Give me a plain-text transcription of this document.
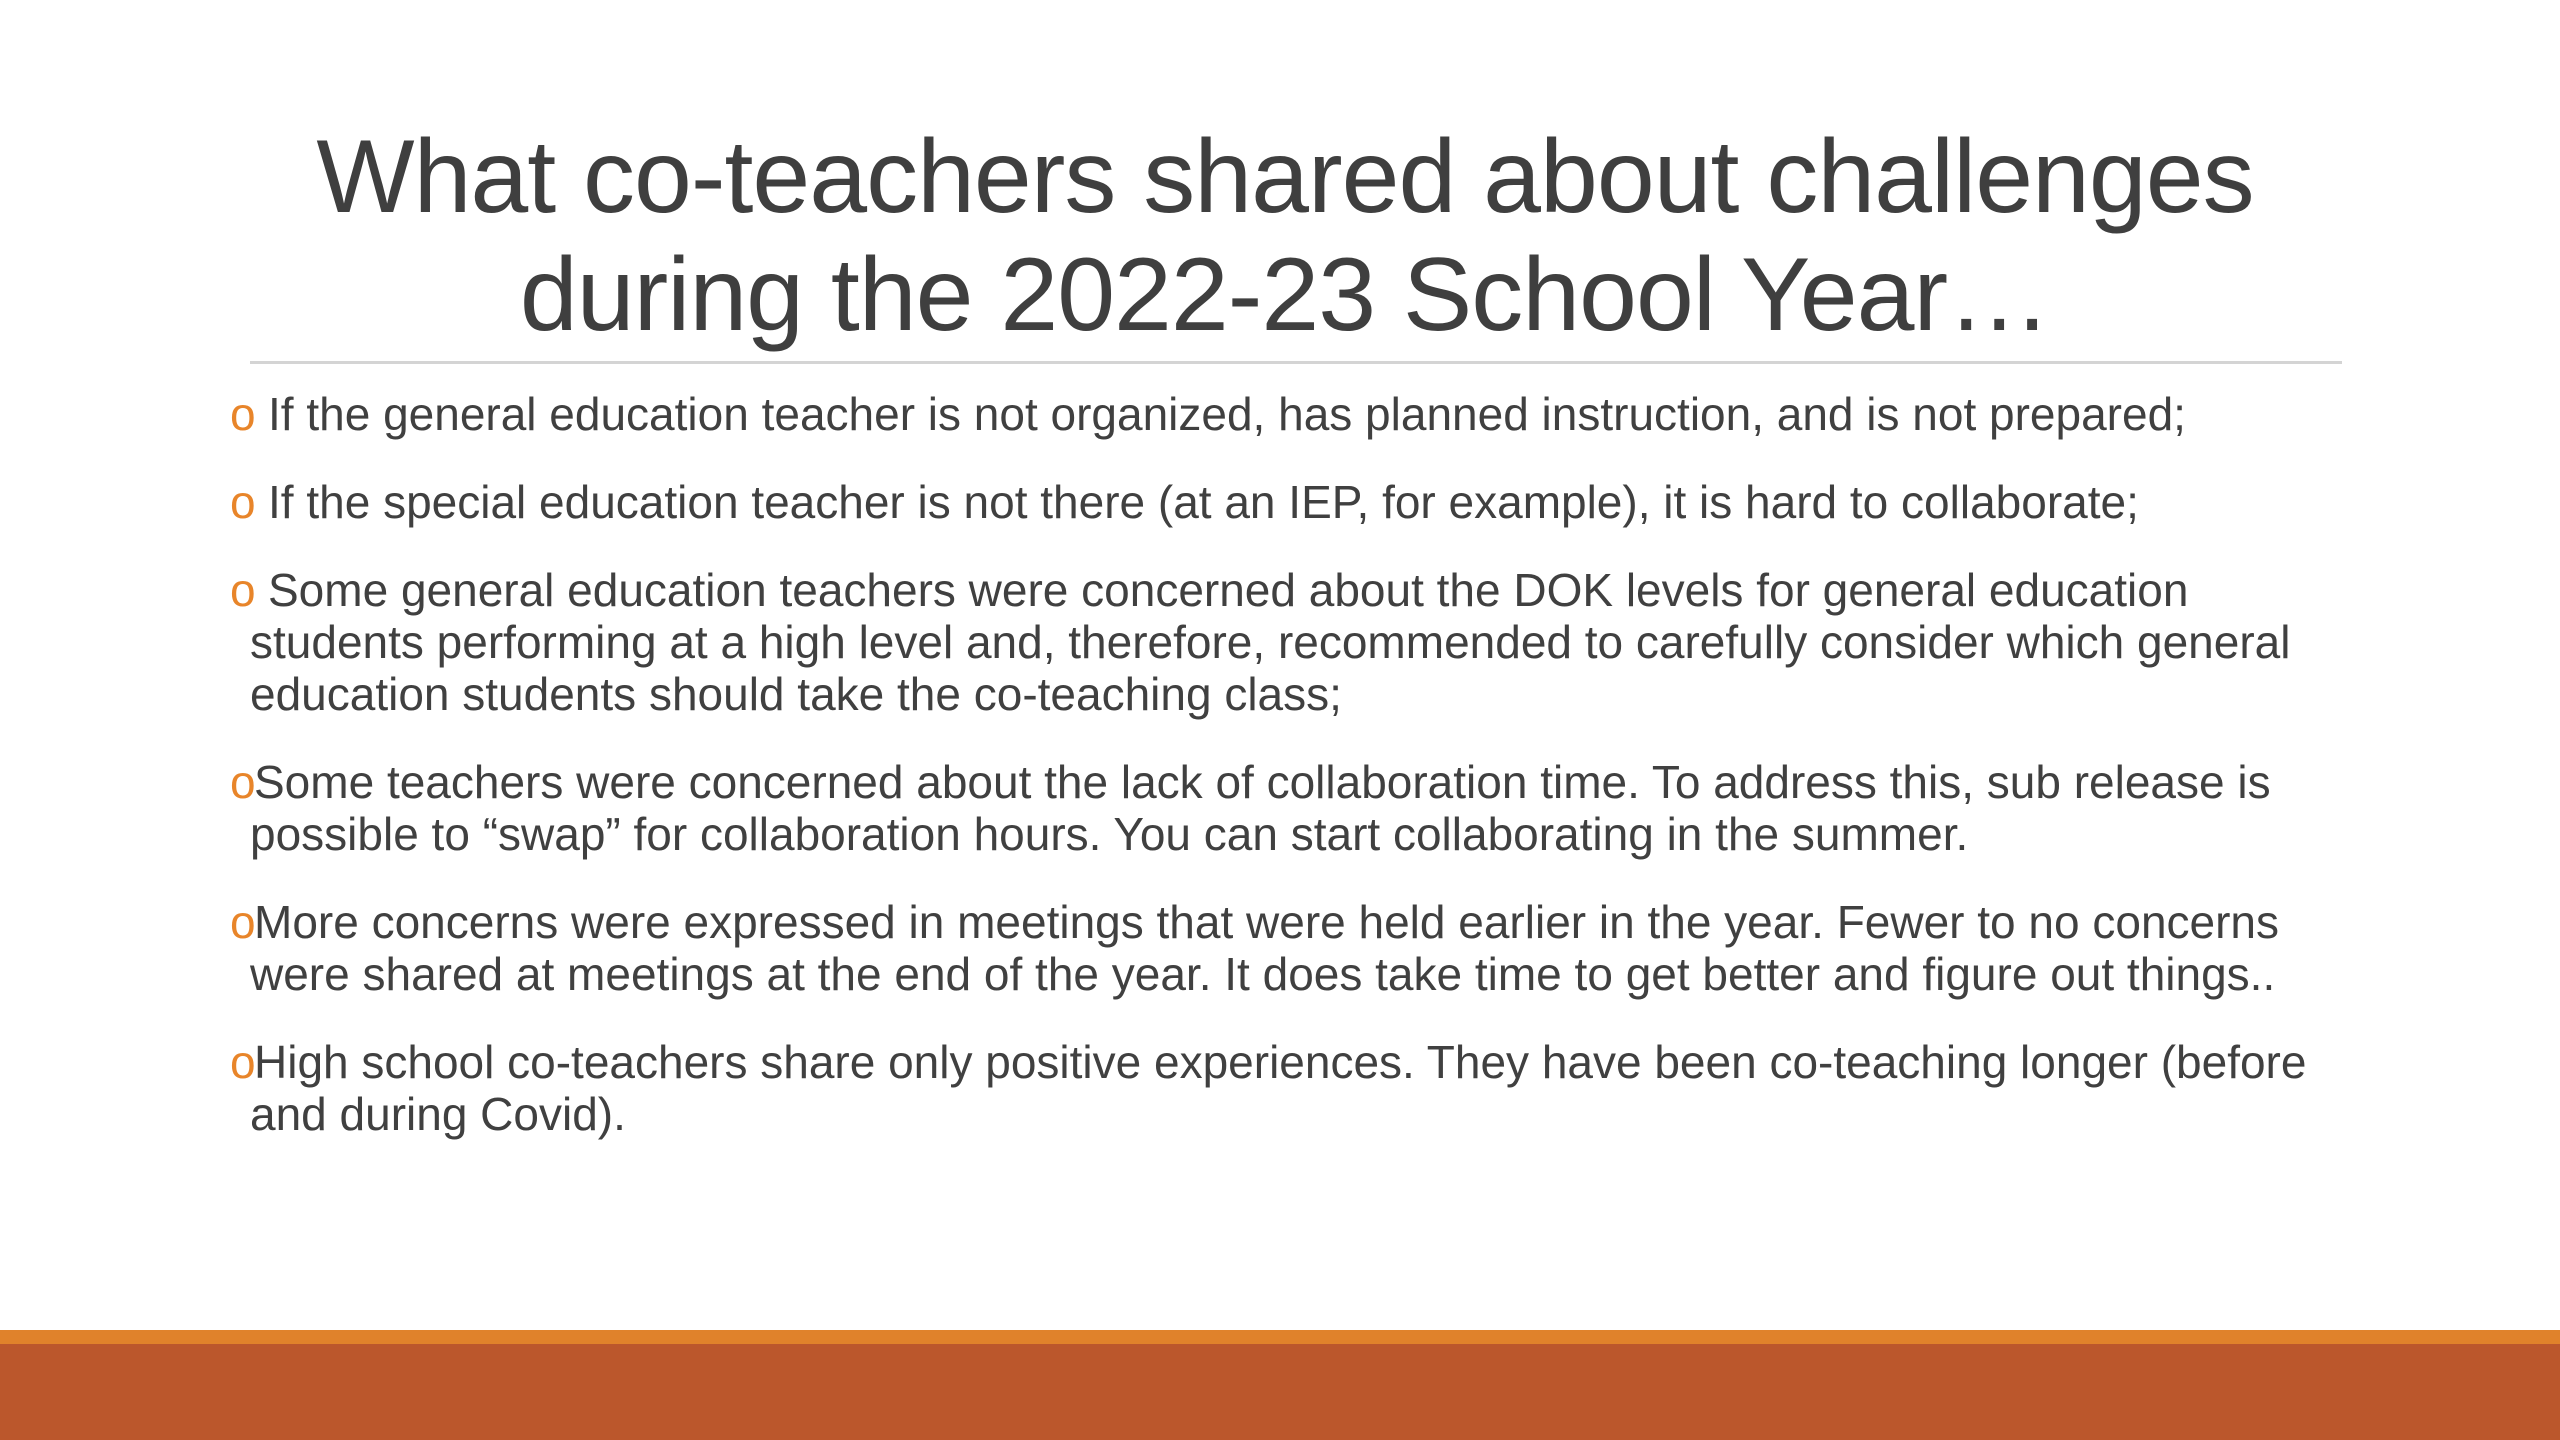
What co-teachers shared about challenges
during the 2022-23 School Year…
o If the general education teacher is not organized, has planned instruction, and is not prepared;
o If the special education teacher is not there (at an IEP, for example), it is hard to collaborate;
o Some general education teachers were concerned about the DOK levels for general education students performing at a high level and, therefore, recommended to carefully consider which general education students should take the co-teaching class;
o
Some teachers were concerned about the lack of collaboration time. To address this, sub release is possible to “swap” for collaboration hours. You can start collaborating in the summer.
o
More concerns were expressed in meetings that were held earlier in the year. Fewer to no concerns were shared at meetings at the end of the year. It does take time to get better and figure out things..
o
High school co-teachers share only positive experiences. They have been co-teaching longer (before and during Covid).
